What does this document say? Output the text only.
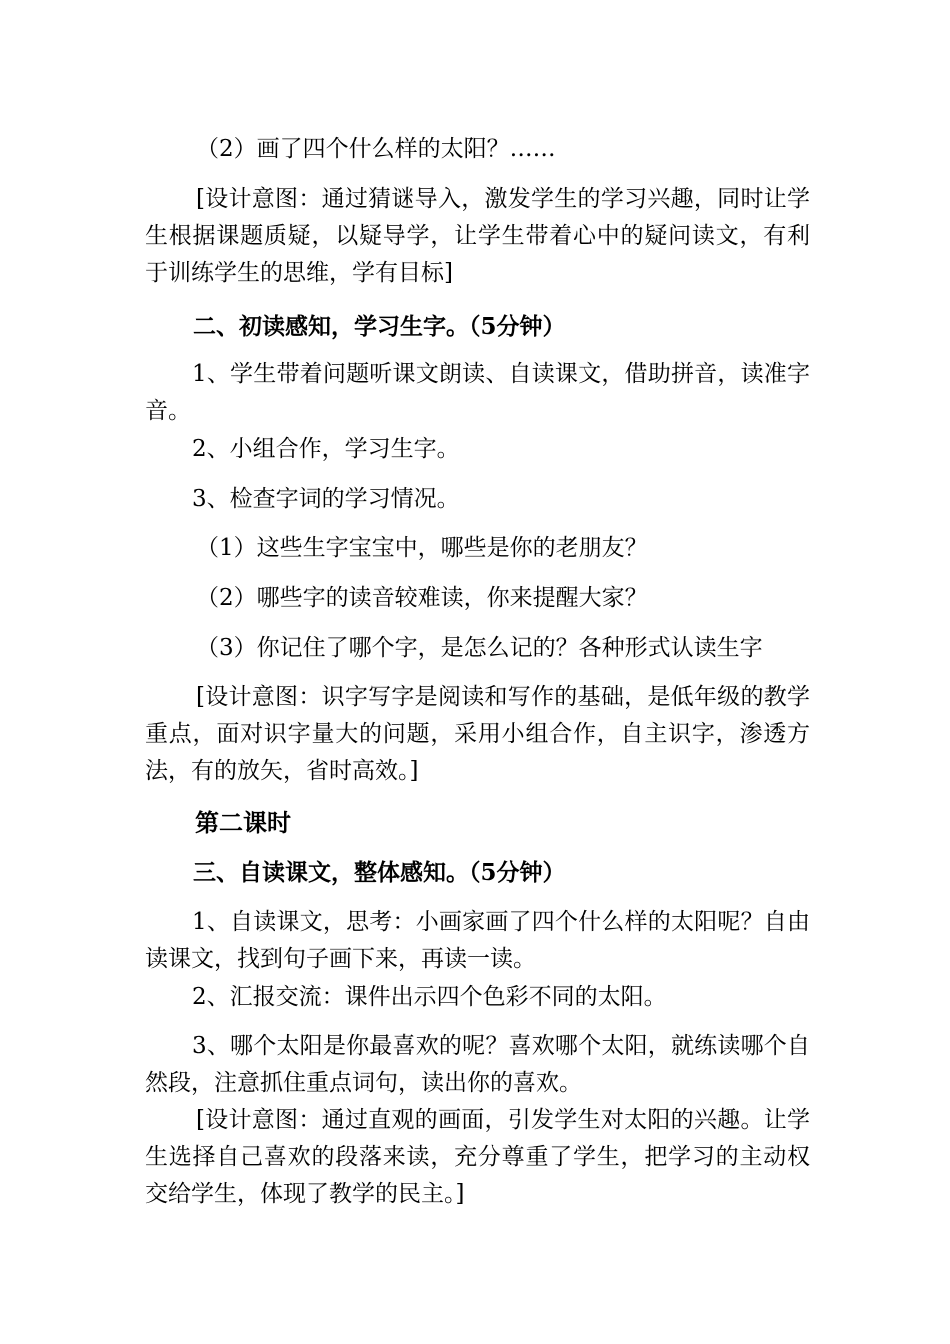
（2）画了四个什么样的太阳？……

[设计意图：通过猜谜导入，激发学生的学习兴趣，同时让学生根据课题质疑，以疑导学，让学生带着心中的疑问读文，有利于训练学生的思维，学有目标]

二、初读感知，学习生字。（5分钟）

1、学生带着问题听课文朗读、自读课文，借助拼音，读准字音。

2、小组合作，学习生字。

3、检查字词的学习情况。

（1）这些生字宝宝中，哪些是你的老朋友？

（2）哪些字的读音较难读，你来提醒大家？

（3）你记住了哪个字，是怎么记的？各种形式认读生字

[设计意图：识字写字是阅读和写作的基础，是低年级的教学重点，面对识字量大的问题，采用小组合作，自主识字，渗透方法，有的放矢，省时高效。]

第二课时

三、自读课文，整体感知。（5分钟）

1、自读课文，思考：小画家画了四个什么样的太阳呢？自由读课文，找到句子画下来，再读一读。

2、汇报交流：课件出示四个色彩不同的太阳。

3、哪个太阳是你最喜欢的呢？喜欢哪个太阳，就练读哪个自然段，注意抓住重点词句，读出你的喜欢。

[设计意图：通过直观的画面，引发学生对太阳的兴趣。让学生选择自己喜欢的段落来读，充分尊重了学生，把学习的主动权交给学生，体现了教学的民主。]
